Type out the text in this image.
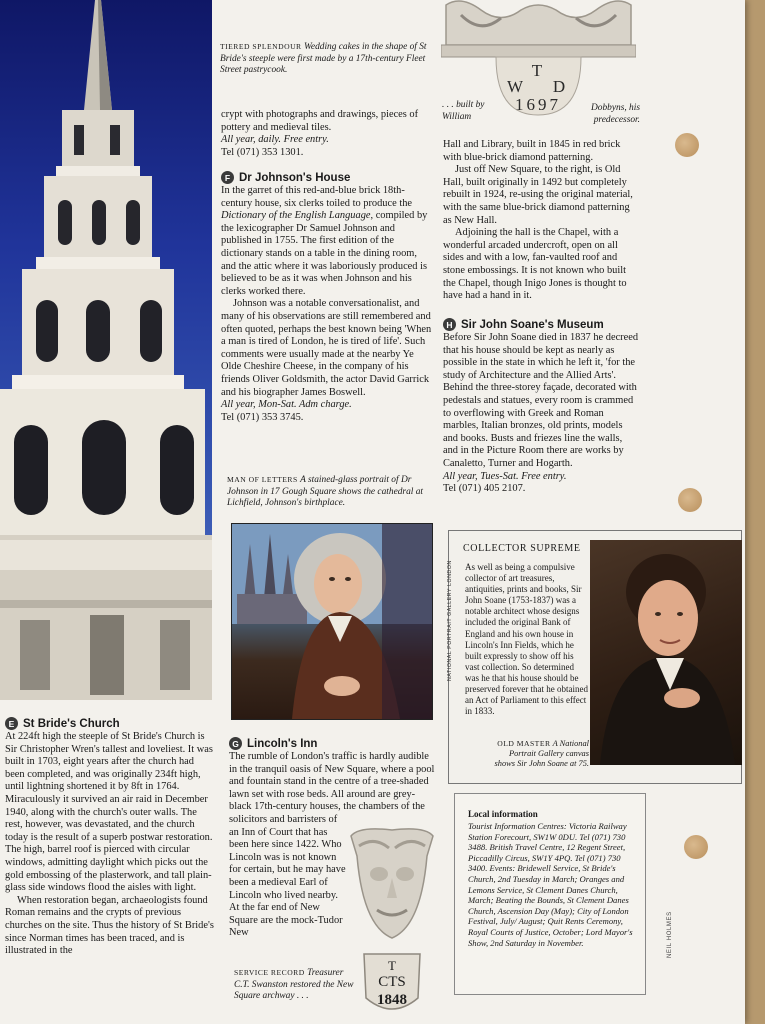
TIERED SPLENDOUR Wedding cakes in the shape of St Bride's steeple were first made by a 17th-century Fleet Street pastrycook.

crypt with photographs and drawings, pieces of pottery and medieval tiles.

All year, daily. Free entry.

Tel (071) 353 1301.

F Dr Johnson's House

In the garret of this red-and-blue brick 18th-century house, six clerks toiled to produce the Dictionary of the English Language, compiled by the lexicographer Dr Samuel Johnson and published in 1755. The first edition of the dictionary stands on a table in the dining room, and the attic where it was laboriously produced is believed to be as it was when Johnson and his clerks worked there.

Johnson was a notable conversationalist, and many of his observations are still remembered and often quoted, perhaps the best known being 'When a man is tired of London, he is tired of life'. Such comments were usually made at the nearby Ye Olde Cheshire Cheese, in the company of his friends Oliver Goldsmith, the actor David Garrick and his biographer James Boswell.

All year, Mon-Sat. Adm charge.

Tel (071) 353 3745.

MAN OF LETTERS A stained-glass portrait of Dr Johnson in 17 Gough Square shows the cathedral at Lichfield, Johnson's birthplace.
T
W D
1697
. . . built by William
Dobbyns, his predecessor.

Hall and Library, built in 1845 in red brick with blue-brick diamond patterning.

Just off New Square, to the right, is Old Hall, built originally in 1492 but completely rebuilt in 1924, re-using the original material, with the same blue-brick diamond patterning as New Hall.

Adjoining the hall is the Chapel, with a wonderful arcaded undercroft, open on all sides and with a low, fan-vaulted roof and stone embossings. It is not known who built the Chapel, though Inigo Jones is thought to have had a hand in it.

H Sir John Soane's Museum

Before Sir John Soane died in 1837 he decreed that his house should be kept as nearly as possible in the state in which he left it, 'for the study of Architecture and the Allied Arts'. Behind the three-storey façade, decorated with pedestals and statues, every room is crammed to overflowing with Greek and Roman marbles, Italian bronzes, old prints, models and books. Busts and friezes line the walls, and in the Picture Room there are works by Canaletto, Turner and Hogarth.

All year, Tues-Sat. Free entry.

Tel (071) 405 2107.

COLLECTOR SUPREME
As well as being a compulsive collector of art treasures, antiquities, prints and books, Sir John Soane (1753-1837) was a notable architect whose designs included the original Bank of England and his own house in Lincoln's Inn Fields, which he built expressly to show off his vast collection. So determined was he that his house should be preserved forever that he obtained an Act of Parliament to this effect in 1833.
NATIONAL PORTRAIT GALLERY LONDON
OLD MASTER A National Portrait Gallery canvas shows Sir John Soane at 75.
E St Bride's Church

At 224ft high the steeple of St Bride's Church is Sir Christopher Wren's tallest and loveliest. It was built in 1703, eight years after the church had been completed, and was originally 234ft high, until lightning shortened it by 8ft in 1764. Miraculously it survived an air raid in December 1940, along with the church's outer walls. The rest, however, was devastated, and the church today is the result of a superb postwar restoration. The high, barrel roof is pierced with circular windows, admitting daylight which picks out the gold embossing of the plasterwork, and tall plain-glass side windows flood the aisles with light.

When restoration began, archaeologists found Roman remains and the crypts of previous churches on the site. Thus the history of St Bride's since Norman times has been traced, and is illustrated in the

G Lincoln's Inn
The rumble of London's traffic is hardly audible in the tranquil oasis of New Square, where a pool and fountain stand in the centre of a tree-shaded lawn set with rose beds. All around are grey-black 17th-century houses, the chambers of the
solicitors and barristers of an Inn of Court that has been here since 1422. Who Lincoln was is not known for certain, but he may have been a medieval Earl of Lincoln who lived nearby. At the far end of New Square are the mock-Tudor New
T
CTS
1848
SERVICE RECORD Treasurer C.T. Swanston restored the New Square archway . . .
Local information
Tourist Information Centres: Victoria Railway Station Forecourt, SW1W 0DU. Tel (071) 730 3488. British Travel Centre, 12 Regent Street, Piccadilly Circus, SW1Y 4PQ. Tel (071) 730 3400. Events: Bridewell Service, St Bride's Church, 2nd Tuesday in March; Oranges and Lemons Service, St Clement Danes Church, March; Beating the Bounds, St Clement Danes Church, Ascension Day (May); City of London Festival, July/ August; Quit Rents Ceremony, Royal Courts of Justice, October; Lord Mayor's Show, 2nd Saturday in November.	NEIL HOLMES
